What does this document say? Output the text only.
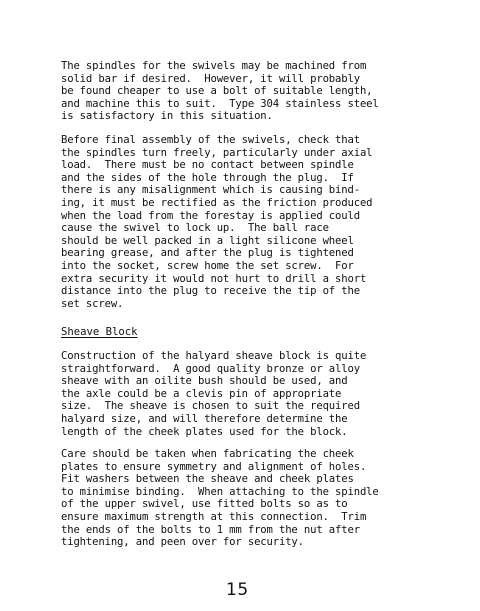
The spindles for the swivels may be machined from
solid bar if desired.  However, it will probably
be found cheaper to use a bolt of suitable length,
and machine this to suit.  Type 304 stainless steel
is satisfactory in this situation.
Before final assembly of the swivels, check that
the spindles turn freely, particularly under axial
load.  There must be no contact between spindle
and the sides of the hole through the plug.  If
there is any misalignment which is causing bind-
ing, it must be rectified as the friction produced
when the load from the forestay is applied could
cause the swivel to lock up.  The ball race
should be well packed in a light silicone wheel
bearing grease, and after the plug is tightened
into the socket, screw home the set screw.  For
extra security it would not hurt to drill a short
distance into the plug to receive the tip of the
set screw.
Sheave Block
Construction of the halyard sheave block is quite
straightforward.  A good quality bronze or alloy
sheave with an oilite bush should be used, and
the axle could be a clevis pin of appropriate
size.  The sheave is chosen to suit the required
halyard size, and will therefore determine the
length of the cheek plates used for the block.
Care should be taken when fabricating the cheek
plates to ensure symmetry and alignment of holes.
Fit washers between the sheave and cheek plates
to minimise binding.  When attaching to the spindle
of the upper swivel, use fitted bolts so as to
ensure maximum strength at this connection.  Trim
the ends of the bolts to 1 mm from the nut after
tightening, and peen over for security.
15
